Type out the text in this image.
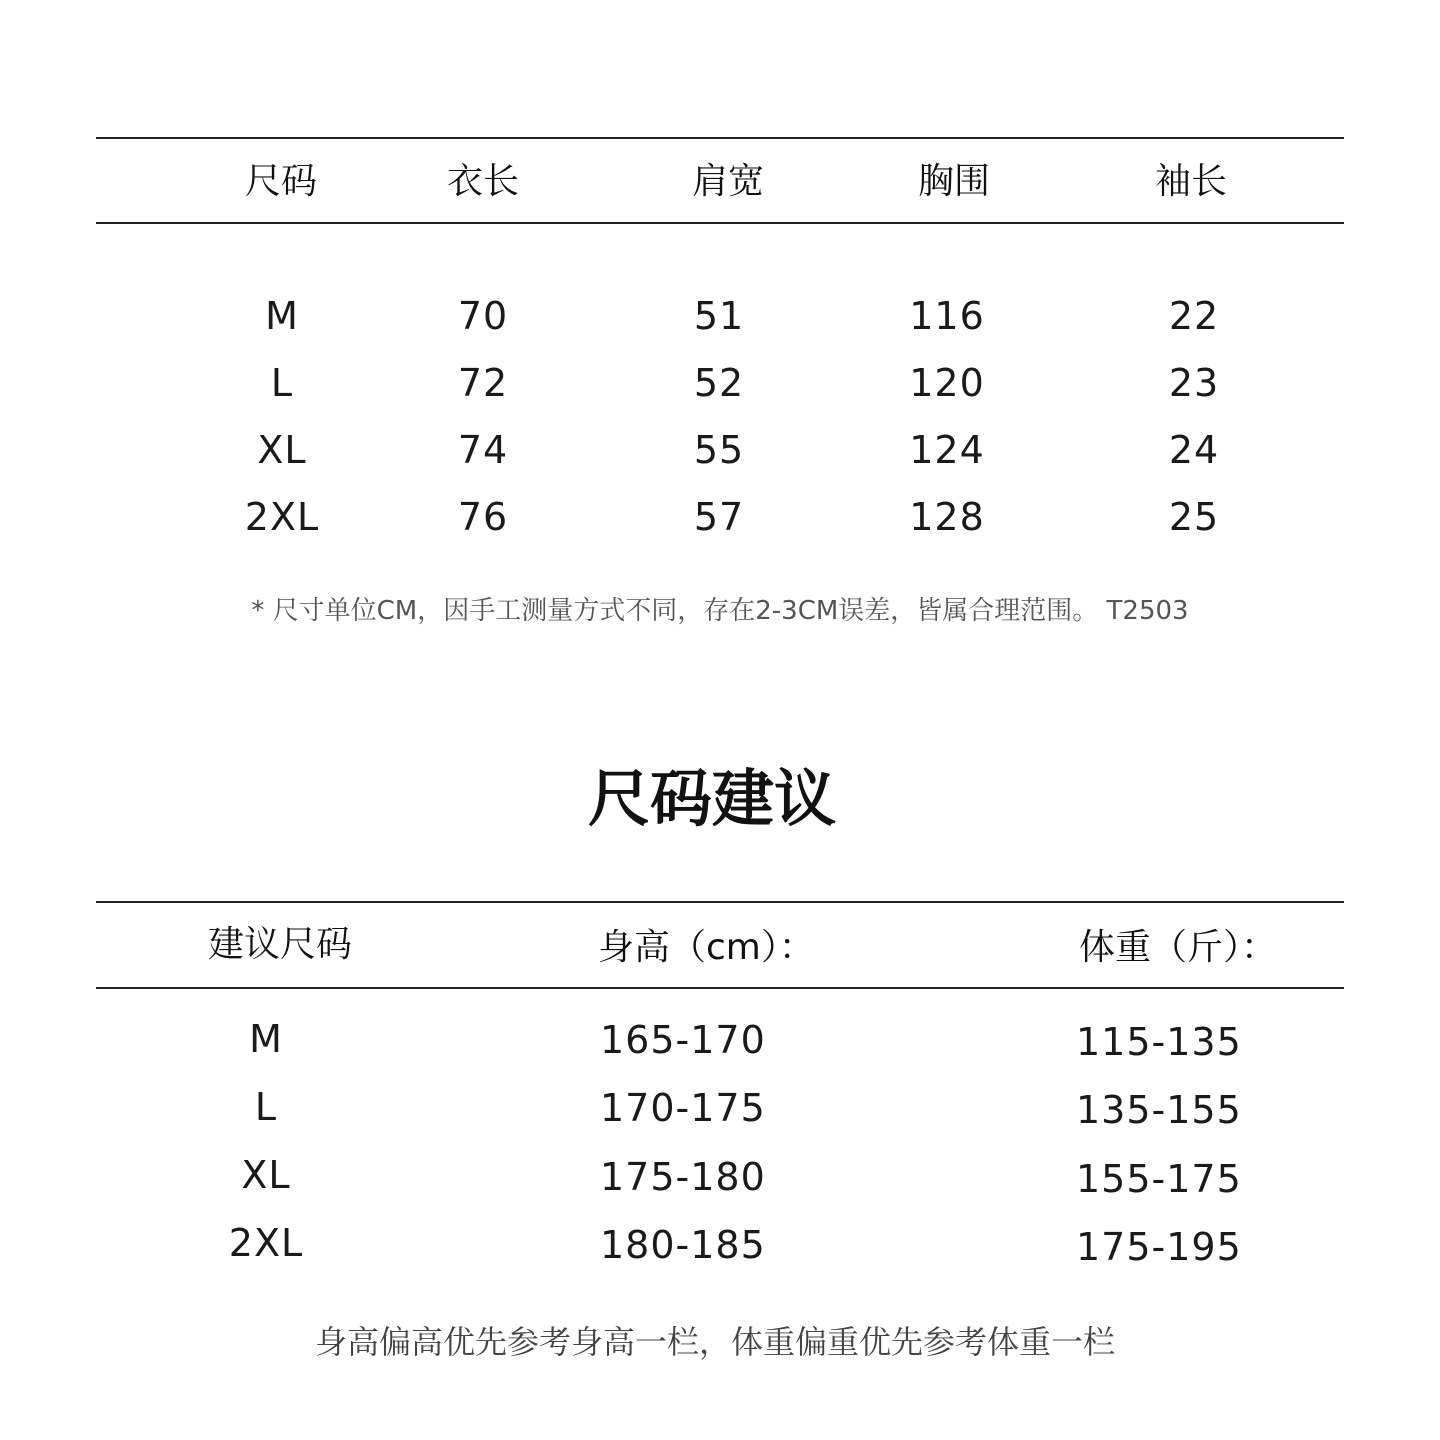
尺码	衣长	肩宽	胸围	袖长
M	70	51	116	22
L	72	52	120	23
XL	74	55	124	24
2XL	76	57	128	25
* 尺寸单位CM，因手工测量方式不同，存在2-3CM误差，皆属合理范围。 T2503
尺码建议
建议尺码	身高（cm）：	体重（斤）：
M	165-170	115-135
L	170-175	135-155
XL	175-180	155-175
2XL	180-185	175-195
身高偏高优先参考身高一栏，体重偏重优先参考体重一栏
